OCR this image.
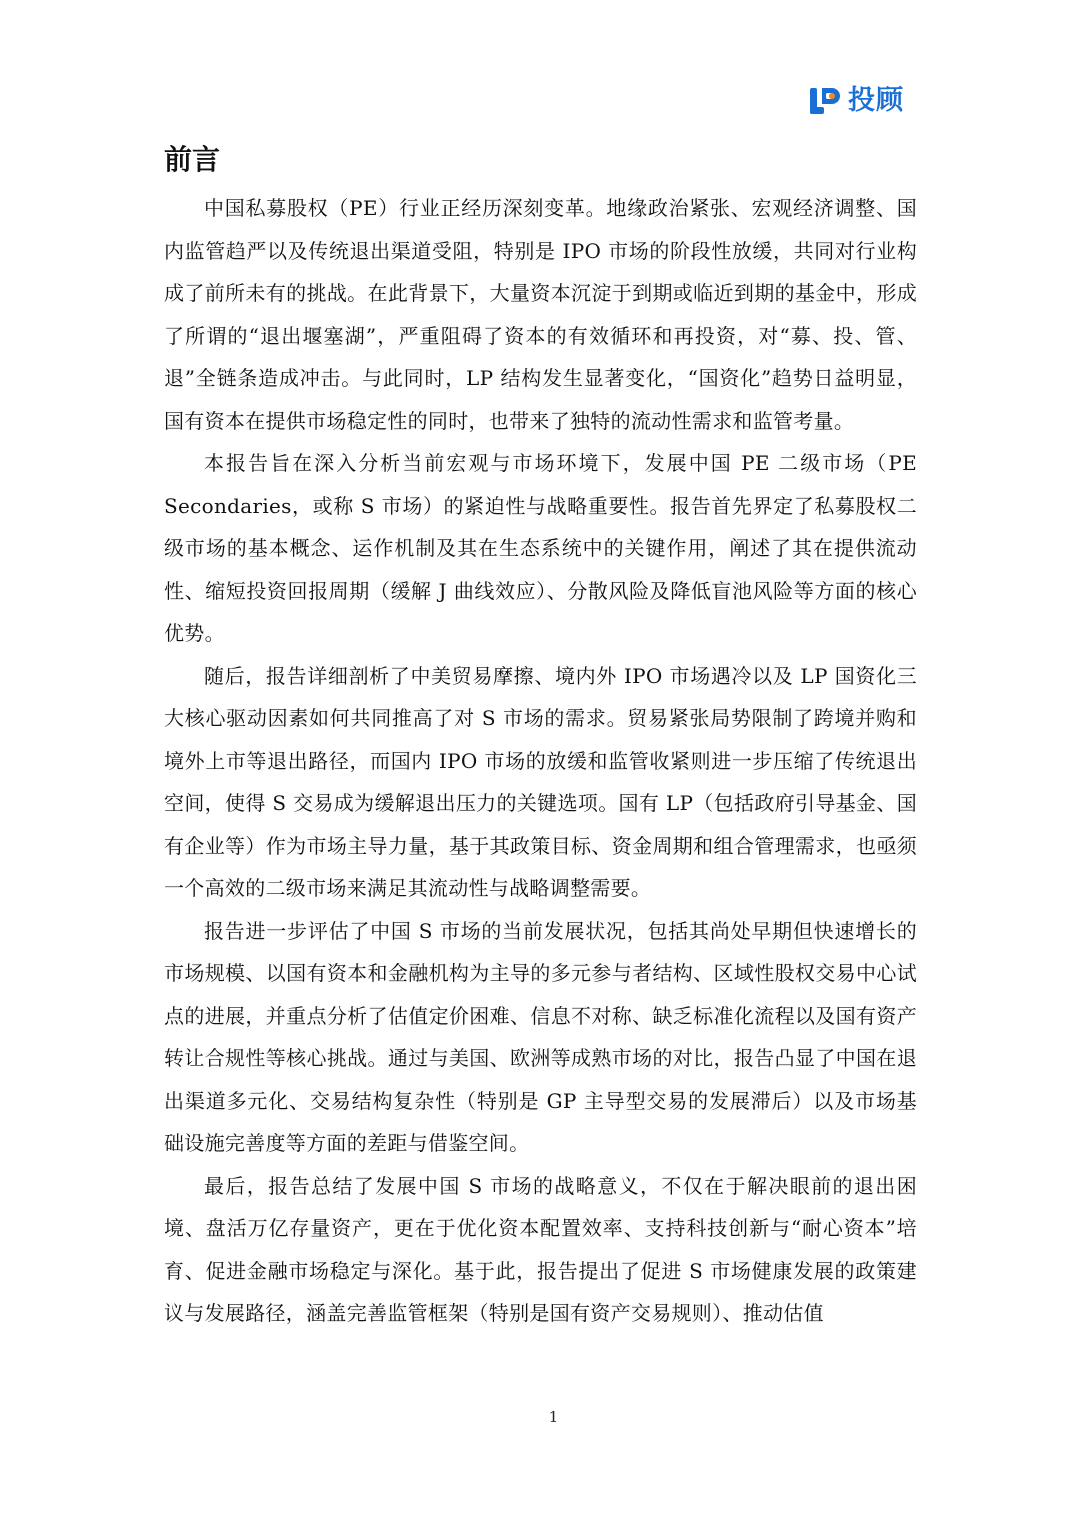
投顾
前言

中国私募股权（PE）行业正经历深刻变革。地缘政治紧张、宏观经济调整、国内监管趋严以及传统退出渠道受阻，特别是 IPO 市场的阶段性放缓，共同对行业构成了前所未有的挑战。在此背景下，大量资本沉淀于到期或临近到期的基金中，形成了所谓的“退出堰塞湖”，严重阻碍了资本的有效循环和再投资，对“募、投、管、退”全链条造成冲击。与此同时，LP 结构发生显著变化，“国资化”趋势日益明显，国有资本在提供市场稳定性的同时，也带来了独特的流动性需求和监管考量。

本报告旨在深入分析当前宏观与市场环境下，发展中国 PE 二级市场（PE Secondaries，或称 S 市场）的紧迫性与战略重要性。报告首先界定了私募股权二级市场的基本概念、运作机制及其在生态系统中的关键作用，阐述了其在提供流动性、缩短投资回报周期（缓解 J 曲线效应）、分散风险及降低盲池风险等方面的核心优势。

随后，报告详细剖析了中美贸易摩擦、境内外 IPO 市场遇冷以及 LP 国资化三大核心驱动因素如何共同推高了对 S 市场的需求。贸易紧张局势限制了跨境并购和境外上市等退出路径，而国内 IPO 市场的放缓和监管收紧则进一步压缩了传统退出空间，使得 S 交易成为缓解退出压力的关键选项。国有 LP（包括政府引导基金、国有企业等）作为市场主导力量，基于其政策目标、资金周期和组合管理需求，也亟须一个高效的二级市场来满足其流动性与战略调整需要。

报告进一步评估了中国 S 市场的当前发展状况，包括其尚处早期但快速增长的市场规模、以国有资本和金融机构为主导的多元参与者结构、区域性股权交易中心试点的进展，并重点分析了估值定价困难、信息不对称、缺乏标准化流程以及国有资产转让合规性等核心挑战。通过与美国、欧洲等成熟市场的对比，报告凸显了中国在退出渠道多元化、交易结构复杂性（特别是 GP 主导型交易的发展滞后）以及市场基础设施完善度等方面的差距与借鉴空间。

最后，报告总结了发展中国 S 市场的战略意义，不仅在于解决眼前的退出困境、盘活万亿存量资产，更在于优化资本配置效率、支持科技创新与“耐心资本”培育、促进金融市场稳定与深化。基于此，报告提出了促进 S 市场健康发展的政策建议与发展路径，涵盖完善监管框架（特别是国有资产交易规则）、推动估值

1
